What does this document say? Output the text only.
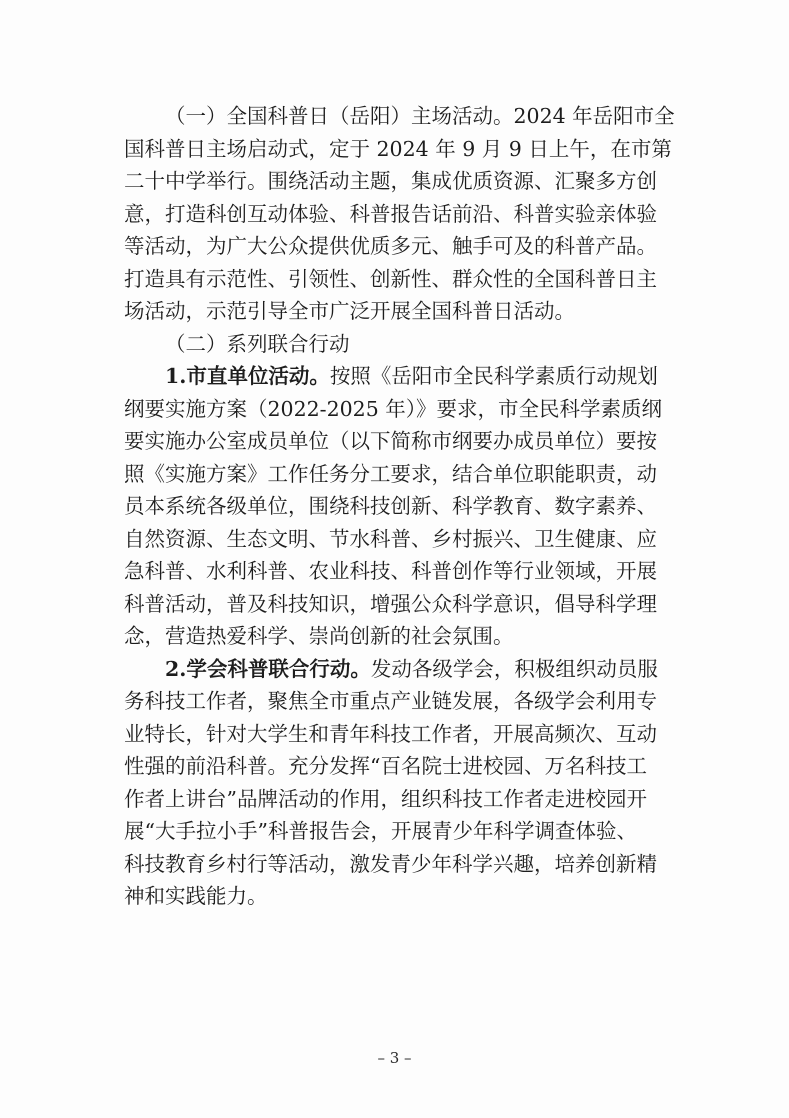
（一）全国科普日（岳阳）主场活动。2024 年岳阳市全
国科普日主场启动式，定于 2024 年 9 月 9 日上午，在市第
二十中学举行。围绕活动主题，集成优质资源、汇聚多方创
意，打造科创互动体验、科普报告话前沿、科普实验亲体验
等活动，为广大公众提供优质多元、触手可及的科普产品。
打造具有示范性、引领性、创新性、群众性的全国科普日主
场活动，示范引导全市广泛开展全国科普日活动。

（二）系列联合行动

1.市直单位活动。按照《岳阳市全民科学素质行动规划
纲要实施方案（2022-2025 年）》要求，市全民科学素质纲
要实施办公室成员单位（以下简称市纲要办成员单位）要按
照《实施方案》工作任务分工要求，结合单位职能职责，动
员本系统各级单位，围绕科技创新、科学教育、数字素养、
自然资源、生态文明、节水科普、乡村振兴、卫生健康、应
急科普、水利科普、农业科技、科普创作等行业领域，开展
科普活动，普及科技知识，增强公众科学意识，倡导科学理
念，营造热爱科学、崇尚创新的社会氛围。

2.学会科普联合行动。发动各级学会，积极组织动员服
务科技工作者，聚焦全市重点产业链发展，各级学会利用专
业特长，针对大学生和青年科技工作者，开展高频次、互动
性强的前沿科普。充分发挥“百名院士进校园、万名科技工
作者上讲台”品牌活动的作用，组织科技工作者走进校园开
展“大手拉小手”科普报告会，开展青少年科学调查体验、
科技教育乡村行等活动，激发青少年科学兴趣，培养创新精
神和实践能力。

– 3 –
